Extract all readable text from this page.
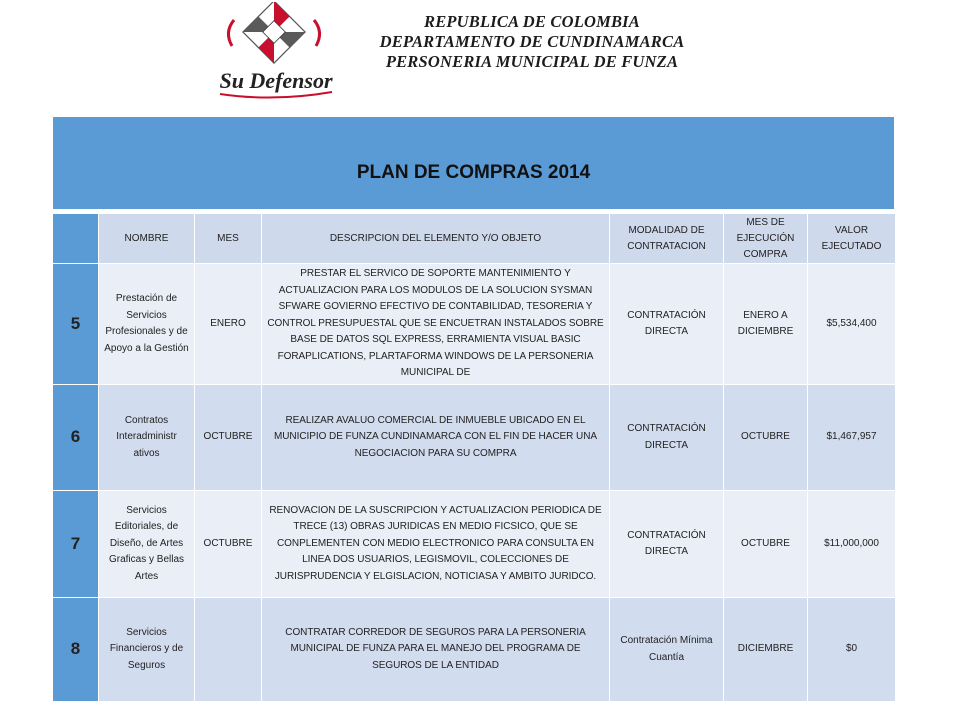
Su Defensor
REPUBLICA DE COLOMBIA
DEPARTAMENTO DE CUNDINAMARCA
PERSONERIA MUNICIPAL DE FUNZA
PLAN DE COMPRAS 2014
	NOMBRE	MES	DESCRIPCION DEL ELEMENTO Y/O OBJETO	MODALIDAD DE CONTRATACION	MES DE EJECUCIÓN COMPRA	VALOR EJECUTADO
5	Prestación de Servicios Profesionales y de Apoyo a la Gestión	ENERO	PRESTAR EL SERVICO DE SOPORTE MANTENIMIENTO Y ACTUALIZACION PARA LOS MODULOS DE LA SOLUCION SYSMAN SFWARE GOVIERNO EFECTIVO DE CONTABILIDAD, TESORERIA Y CONTROL PRESUPUESTAL QUE SE ENCUETRAN INSTALADOS SOBRE BASE DE DATOS SQL EXPRESS, ERRAMIENTA VISUAL BASIC FORAPLICATIONS, PLARTAFORMA WINDOWS DE LA PERSONERIA MUNICIPAL DE	CONTRATACIÓN DIRECTA	ENERO A DICIEMBRE	$5,534,400
6	Contratos Interadministr ativos	OCTUBRE	REALIZAR AVALUO COMERCIAL DE INMUEBLE UBICADO EN EL MUNICIPIO DE FUNZA CUNDINAMARCA CON EL FIN DE HACER UNA NEGOCIACION PARA SU COMPRA	CONTRATACIÓN DIRECTA	OCTUBRE	$1,467,957
7	Servicios Editoriales, de Diseño, de Artes Graficas y Bellas Artes	OCTUBRE	RENOVACION DE LA SUSCRIPCION Y ACTUALIZACION PERIODICA DE TRECE (13) OBRAS JURIDICAS EN MEDIO FICSICO, QUE SE CONPLEMENTEN CON MEDIO ELECTRONICO PARA CONSULTA EN LINEA DOS USUARIOS, LEGISMOVIL, COLECCIONES DE JURISPRUDENCIA Y ELGISLACION, NOTICIASA Y AMBITO JURIDCO.	CONTRATACIÓN DIRECTA	OCTUBRE	$11,000,000
8	Servicios Financieros y de Seguros		CONTRATAR CORREDOR DE SEGUROS PARA LA PERSONERIA MUNICIPAL DE FUNZA PARA EL MANEJO DEL PROGRAMA DE SEGUROS DE LA ENTIDAD	Contratación Mínima Cuantía	DICIEMBRE	$0
